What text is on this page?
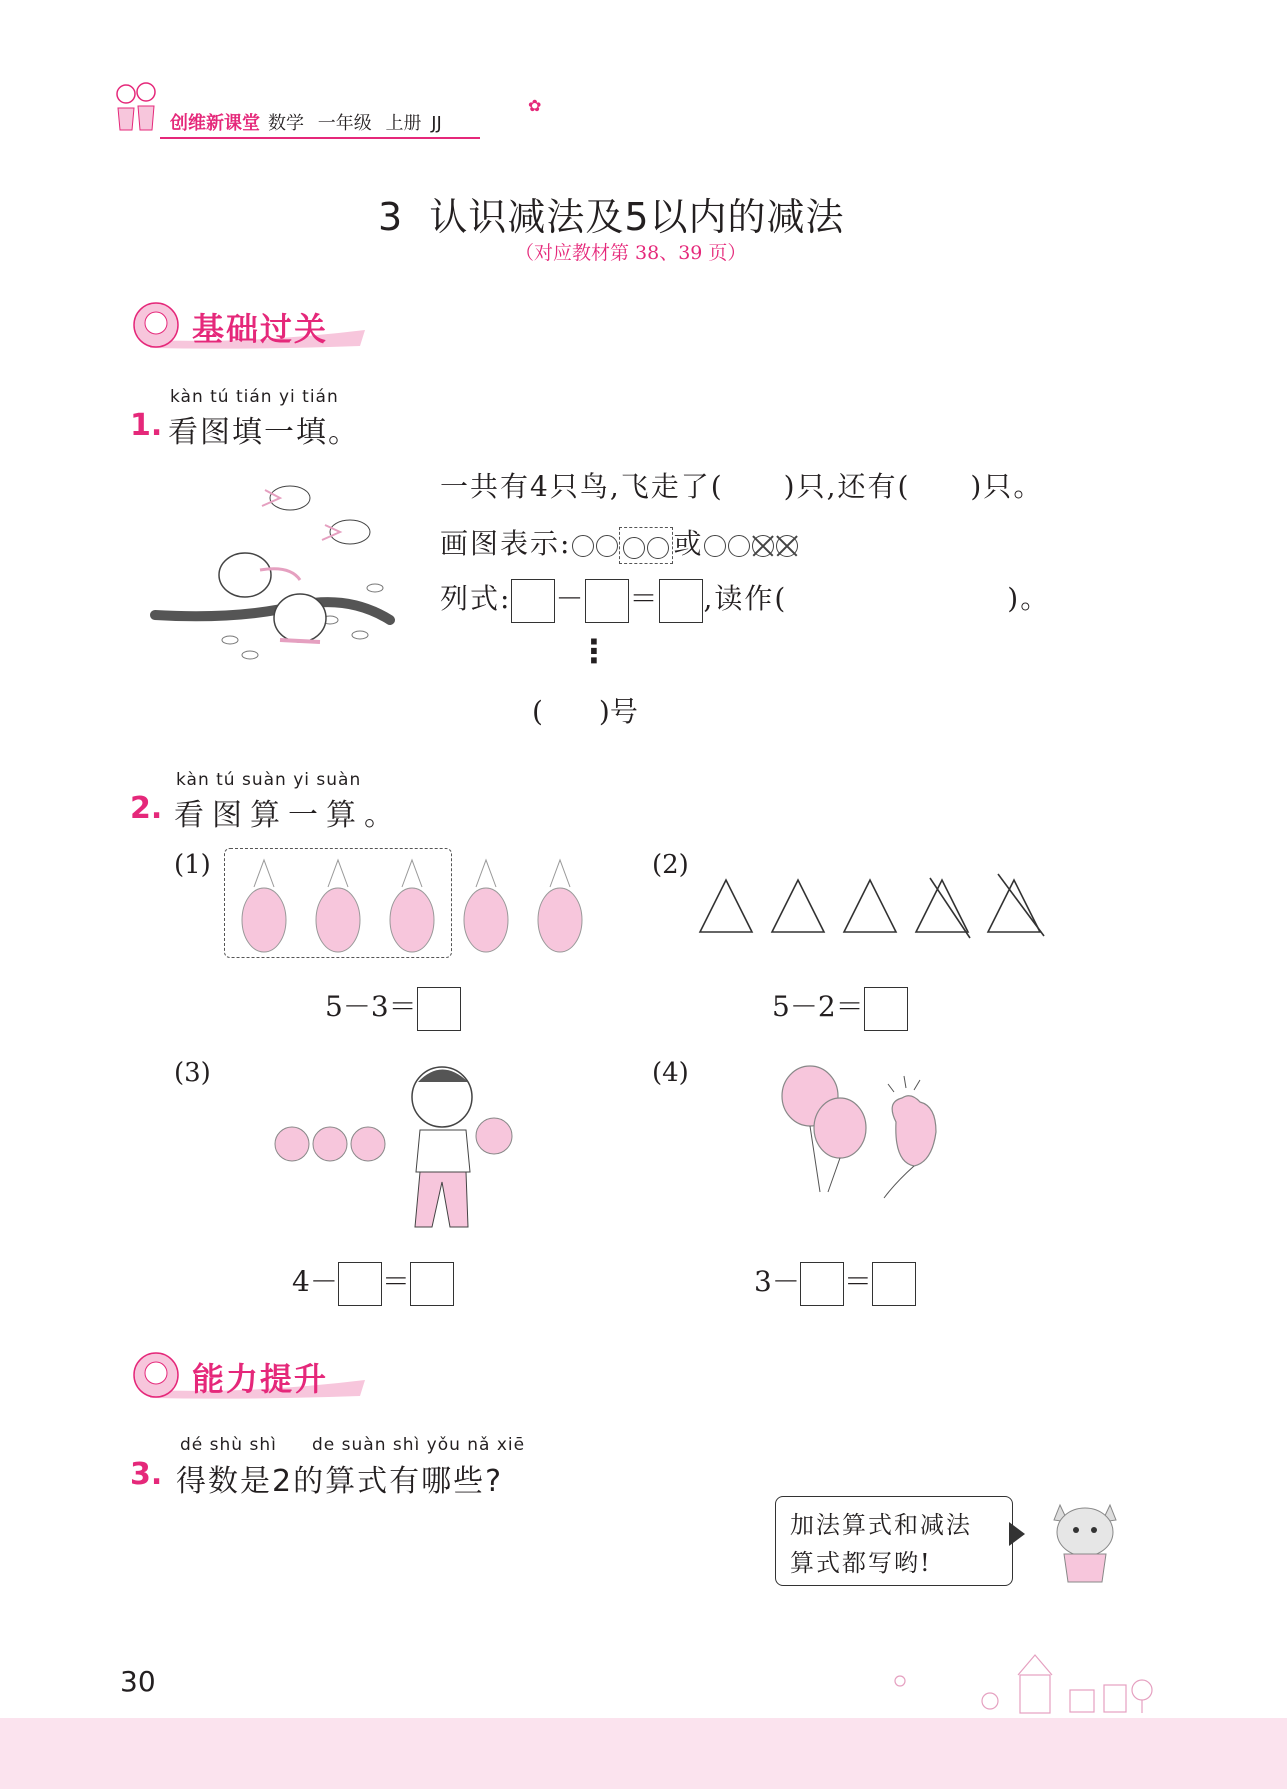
创维新课堂 数学 一年级 上册 JJ
✿
3  认识减法及5以内的减法
（对应教材第 38、39 页）
基础过关
kàn tú tián yi tián
1. 看图填一填。
一共有4只鸟,飞走了(　　)只,还有(　　)只。
画图表示:	或
列式: － ＝ ,读作(	)。
⋮
(　　)号
kàn tú suàn yi suàn
2. 看图算一算。
(1)
5－3＝
(2)
5－2＝
(3)
4－ ＝
(4)
3－ ＝
能力提升
dé shù shì de suàn shì yǒu nǎ xiē
3. 得数是2的算式有哪些?
加法算式和减法
算式都写哟!
30
